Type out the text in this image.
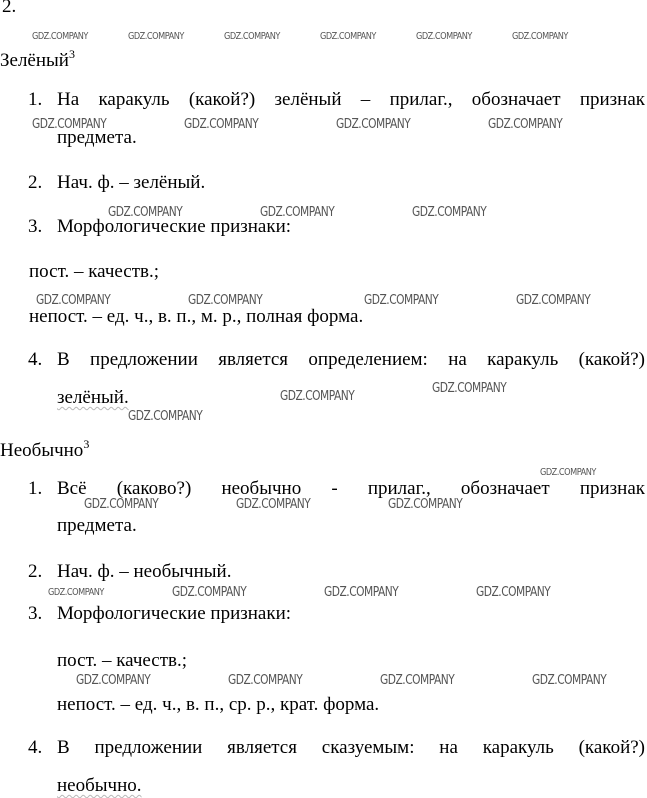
2.
GDZ.COMPANY	GDZ.COMPANY	GDZ.COMPANY	GDZ.COMPANY	GDZ.COMPANY	GDZ.COMPANY
Зелёный$^3$
1. На каракуль (какой?) зелёный – прилаг., обозначает признак
предмета.
GDZ.COMPANY	GDZ.COMPANY	GDZ.COMPANY	GDZ.COMPANY
2. Нач. ф. – зелёный.
GDZ.COMPANY	GDZ.COMPANY	GDZ.COMPANY
3. Морфологические признаки:
пост. – качеств.;
GDZ.COMPANY	GDZ.COMPANY	GDZ.COMPANY	GDZ.COMPANY
непост. – ед. ч., в. п., м. р., полная форма.
4. В предложении является определением: на каракуль (какой?)
зелёный.	GDZ.COMPANY
GDZ.COMPANY
GDZ.COMPANY
Необычно$^3$
GDZ.COMPANY
1. Всё (каково?) необычно - прилаг., обозначает признак
GDZ.COMPANY	GDZ.COMPANY	GDZ.COMPANY
предмета.
2. Нач. ф. – необычный.
GDZ.COMPANY	GDZ.COMPANY	GDZ.COMPANY	GDZ.COMPANY
3. Морфологические признаки:
пост. – качеств.;
GDZ.COMPANY	GDZ.COMPANY	GDZ.COMPANY	GDZ.COMPANY
непост. – ед. ч., в. п., ср. р., крат. форма.
4. В предложении является сказуемым: на каракуль (какой?)
необычно.
